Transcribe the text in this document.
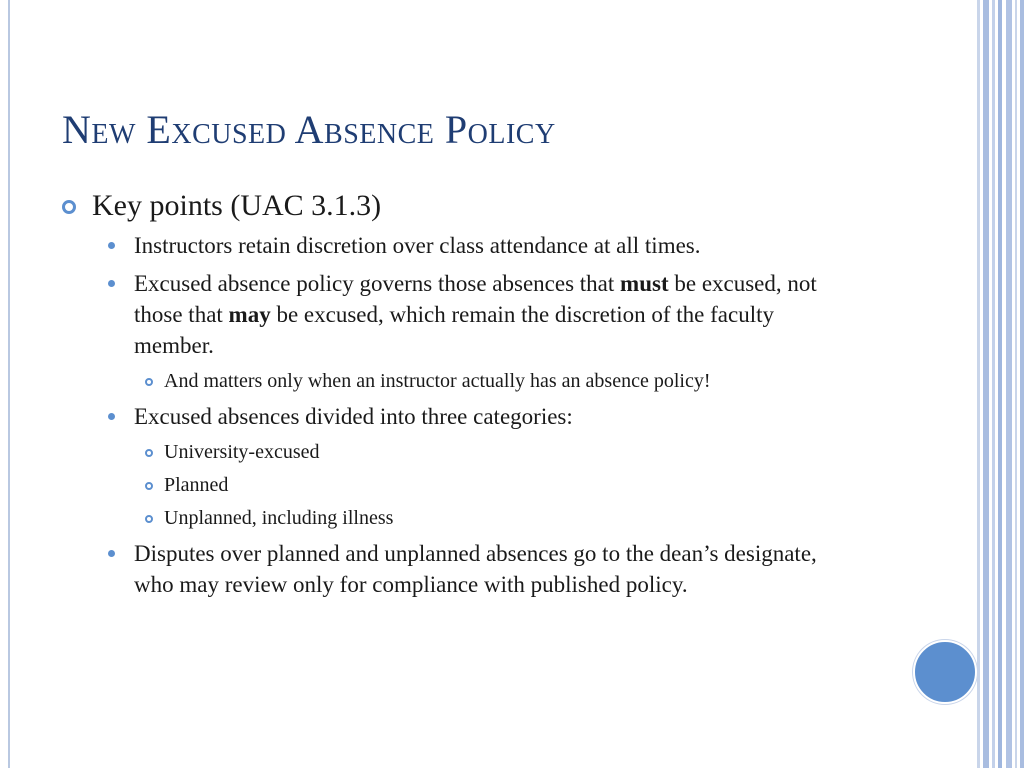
New Excused Absence Policy
Key points (UAC 3.1.3)
Instructors retain discretion over class attendance at all times.
Excused absence policy governs those absences that must be excused, not those that may be excused, which remain the discretion of the faculty member.
And matters only when an instructor actually has an absence policy!
Excused absences divided into three categories:
University-excused
Planned
Unplanned, including illness
Disputes over planned and unplanned absences go to the dean’s designate, who may review only for compliance with published policy.
